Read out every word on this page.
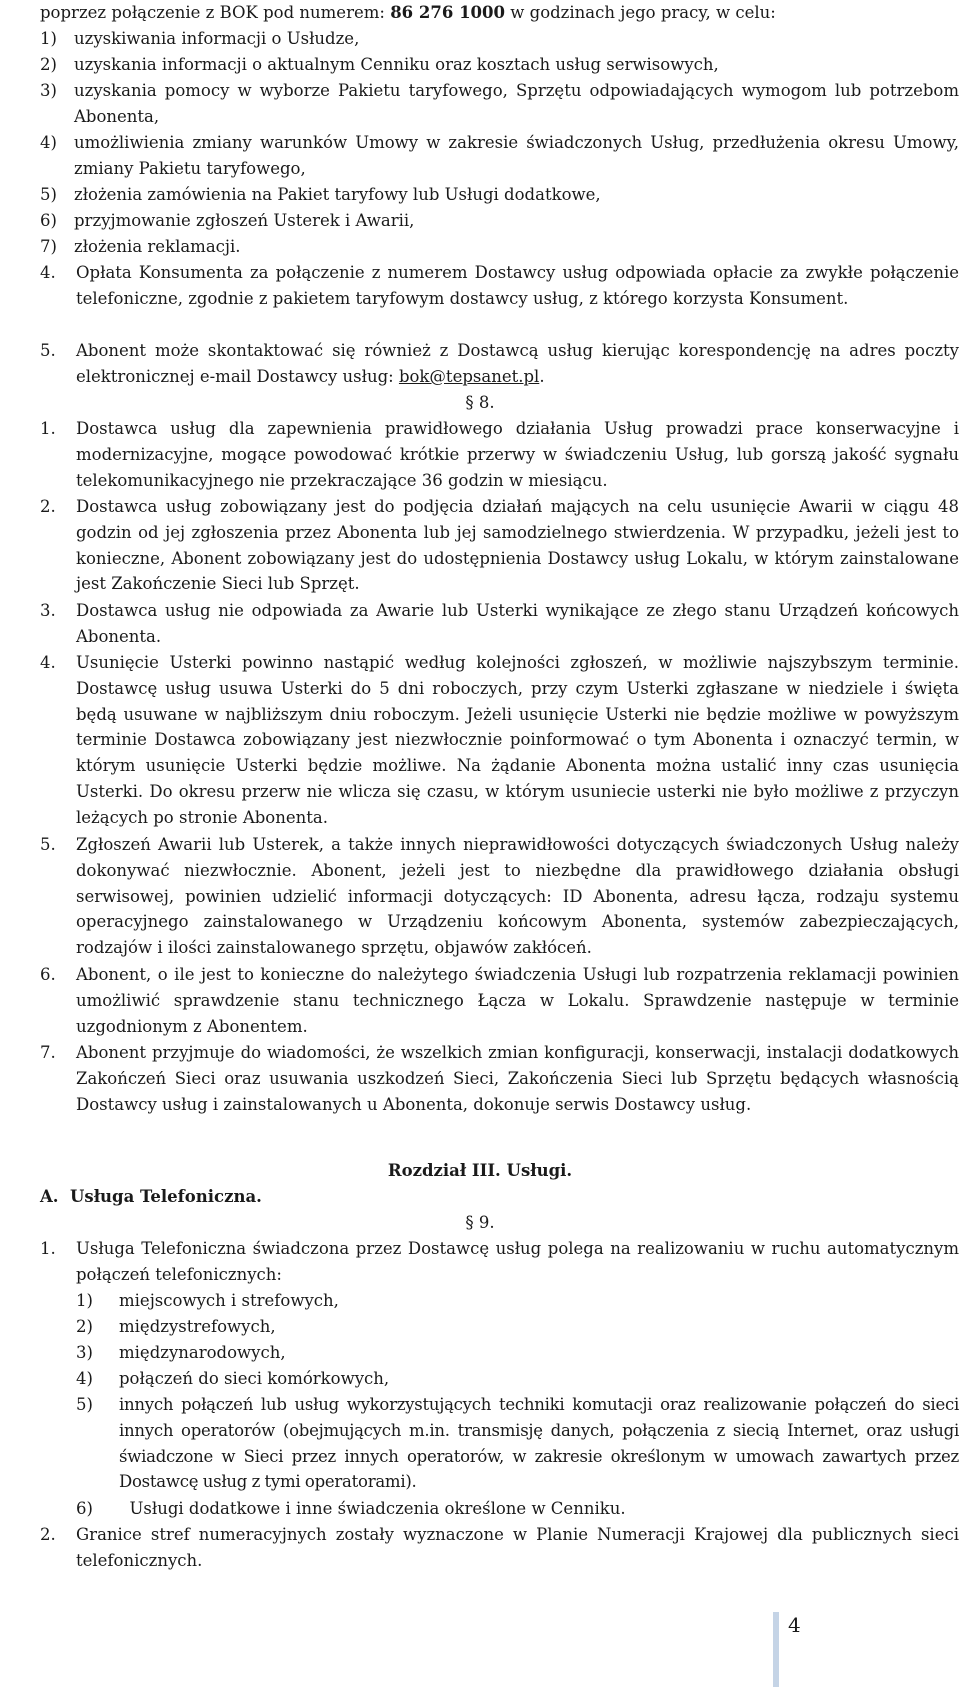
poprzez połączenie z BOK pod numerem: 86 276 1000 w godzinach jego pracy, w celu:
1)	uzyskiwania informacji o Usłudze,
2)	uzyskania informacji o aktualnym Cenniku oraz kosztach usług serwisowych,
3)	uzyskania pomocy w wyborze Pakietu taryfowego, Sprzętu odpowiadających wymogom lub potrzebom Abonenta,
4)	umożliwienia zmiany warunków Umowy w zakresie świadczonych Usług, przedłużenia okresu Umowy, zmiany Pakietu taryfowego,
5)	złożenia zamówienia na Pakiet taryfowy lub Usługi dodatkowe,
6)	przyjmowanie zgłoszeń Usterek i Awarii,
7)	złożenia reklamacji.
4.	Opłata Konsumenta za połączenie z numerem Dostawcy usług odpowiada opłacie za zwykłe połączenie telefoniczne, zgodnie z pakietem taryfowym dostawcy usług, z którego korzysta Konsument.
5.	Abonent może skontaktować się również z Dostawcą usług kierując korespondencję na adres poczty elektronicznej e-mail Dostawcy usług: bok@tepsanet.pl.
§ 8.
1.	Dostawca usług dla zapewnienia prawidłowego działania Usług prowadzi prace konserwacyjne i modernizacyjne, mogące powodować krótkie przerwy w świadczeniu Usług, lub gorszą jakość sygnału telekomunikacyjnego nie przekraczające 36 godzin w miesiącu.
2.	Dostawca usług zobowiązany jest do podjęcia działań mających na celu usunięcie Awarii w ciągu 48 godzin od jej zgłoszenia przez Abonenta lub jej samodzielnego stwierdzenia. W przypadku, jeżeli jest to konieczne, Abonent zobowiązany jest do udostępnienia Dostawcy usług Lokalu, w którym zainstalowane jest Zakończenie Sieci lub Sprzęt.
3.	Dostawca usług nie odpowiada za Awarie lub Usterki wynikające ze złego stanu Urządzeń końcowych Abonenta.
4.	Usunięcie Usterki powinno nastąpić według kolejności zgłoszeń, w możliwie najszybszym terminie. Dostawcę usług usuwa Usterki do 5 dni roboczych, przy czym Usterki zgłaszane w niedziele i święta będą usuwane w najbliższym dniu roboczym. Jeżeli usunięcie Usterki nie będzie możliwe w powyższym terminie Dostawca zobowiązany jest niezwłocznie poinformować o tym Abonenta i oznaczyć termin, w którym usunięcie Usterki będzie możliwe. Na żądanie Abonenta można ustalić inny czas usunięcia Usterki. Do okresu przerw nie wlicza się czasu, w którym usuniecie usterki nie było możliwe z przyczyn leżących po stronie Abonenta.
5.	Zgłoszeń Awarii lub Usterek, a także innych nieprawidłowości dotyczących świadczonych Usług należy dokonywać niezwłocznie. Abonent, jeżeli jest to niezbędne dla prawidłowego działania obsługi serwisowej, powinien udzielić informacji dotyczących: ID Abonenta, adresu łącza, rodzaju systemu operacyjnego zainstalowanego w Urządzeniu końcowym Abonenta, systemów zabezpieczających, rodzajów i ilości zainstalowanego sprzętu, objawów zakłóceń.
6.	Abonent, o ile jest to konieczne do należytego świadczenia Usługi lub rozpatrzenia reklamacji powinien umożliwić sprawdzenie stanu technicznego Łącza w Lokalu. Sprawdzenie następuje w terminie uzgodnionym z Abonentem.
7.	Abonent przyjmuje do wiadomości, że wszelkich zmian konfiguracji, konserwacji, instalacji dodatkowych Zakończeń Sieci oraz usuwania uszkodzeń Sieci, Zakończenia Sieci lub Sprzętu będących własnością Dostawcy usług i zainstalowanych u Abonenta, dokonuje serwis Dostawcy usług.
Rozdział III. Usługi.
A.  Usługa Telefoniczna.
§ 9.
1.	Usługa Telefoniczna świadczona przez Dostawcę usług polega na realizowaniu w ruchu automatycznym połączeń telefonicznych:
1)	miejscowych i strefowych,
2)	międzystrefowych,
3)	międzynarodowych,
4)	połączeń do sieci komórkowych,
5)	innych połączeń lub usług wykorzystujących techniki komutacji oraz realizowanie połączeń do sieci innych operatorów (obejmujących m.in. transmisję danych, połączenia z siecią Internet, oraz usługi świadczone w Sieci przez innych operatorów, w zakresie określonym w umowach zawartych przez Dostawcę usług z tymi operatorami).
6)	Usługi dodatkowe i inne świadczenia określone w Cenniku.
2.	Granice stref numeracyjnych zostały wyznaczone w Planie Numeracji Krajowej dla publicznych sieci telefonicznych.
4
